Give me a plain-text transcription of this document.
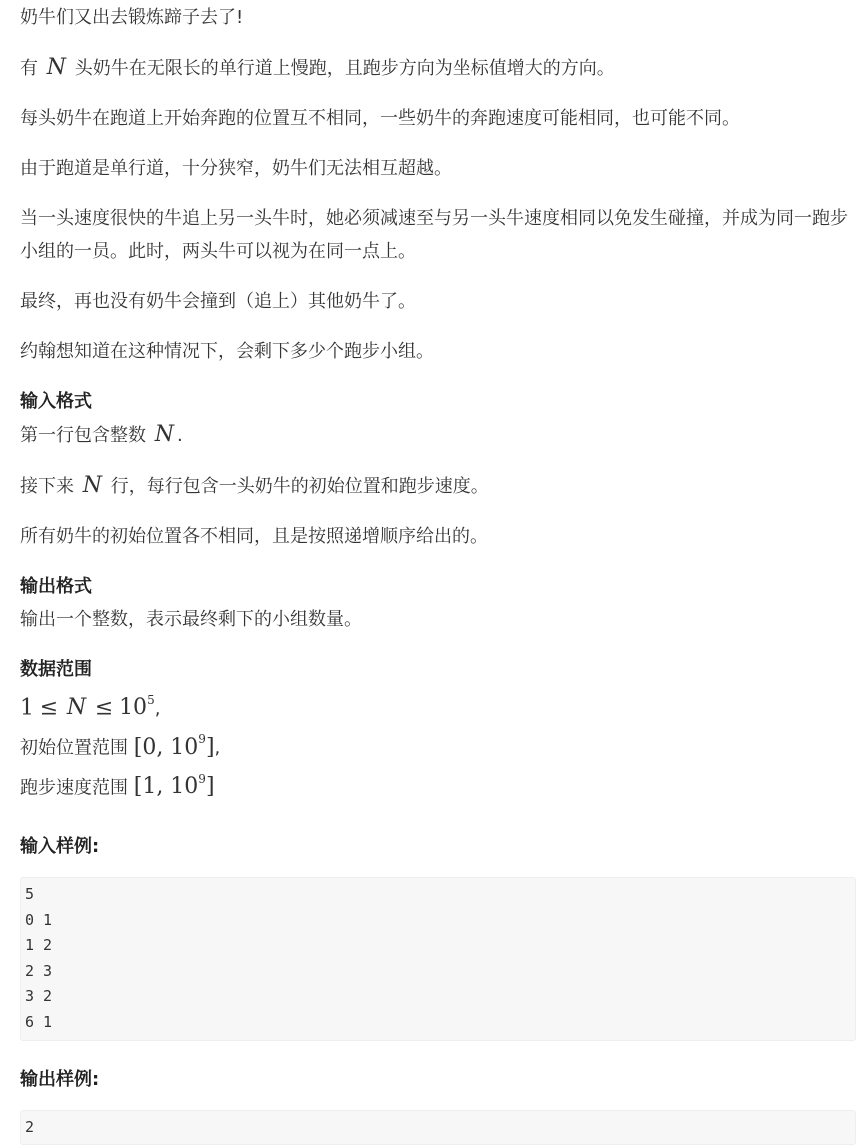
奶牛们又出去锻炼蹄子去了!

有 N 头奶牛在无限长的单行道上慢跑，且跑步方向为坐标值增大的方向。

每头奶牛在跑道上开始奔跑的位置互不相同，一些奶牛的奔跑速度可能相同，也可能不同。

由于跑道是单行道，十分狭窄，奶牛们无法相互超越。

当一头速度很快的牛追上另一头牛时，她必须减速至与另一头牛速度相同以免发生碰撞，并成为同一跑步小组的一员。此时，两头牛可以视为在同一点上。

最终，再也没有奶牛会撞到（追上）其他奶牛了。

约翰想知道在这种情况下，会剩下多少个跑步小组。

输入格式

第一行包含整数 N .

接下来 N 行，每行包含一头奶牛的初始位置和跑步速度。

所有奶牛的初始位置各不相同，且是按照递增顺序给出的。

输出格式

输出一个整数，表示最终剩下的小组数量。

数据范围
$1 \le N \le 10^5$,
初始位置范围 [0, $10^9$],
跑步速度范围 [1, $10^9$]
输入样例:
5
0 1
1 2
2 3
3 2
6 1
输出样例:
2
